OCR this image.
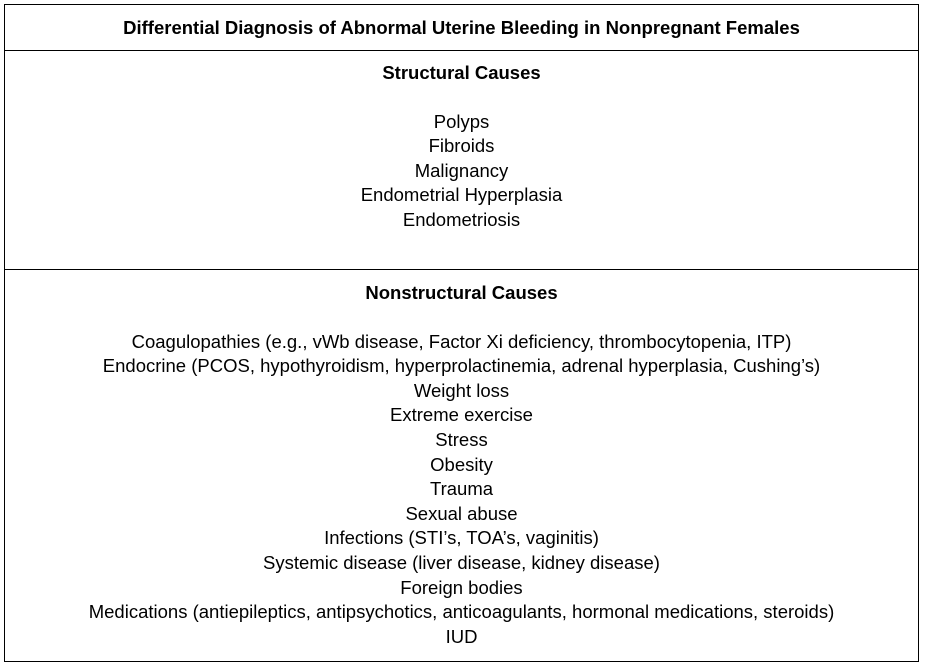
Differential Diagnosis of Abnormal Uterine Bleeding in Nonpregnant Females
Structural Causes
Polyps
Fibroids
Malignancy
Endometrial Hyperplasia
Endometriosis
Nonstructural Causes
Coagulopathies (e.g., vWb disease, Factor Xi deficiency, thrombocytopenia, ITP)
Endocrine (PCOS, hypothyroidism, hyperprolactinemia, adrenal hyperplasia, Cushing’s)
Weight loss
Extreme exercise
Stress
Obesity
Trauma
Sexual abuse
Infections (STI’s, TOA’s, vaginitis)
Systemic disease (liver disease, kidney disease)
Foreign bodies
Medications (antiepileptics, antipsychotics, anticoagulants, hormonal medications, steroids)
IUD
